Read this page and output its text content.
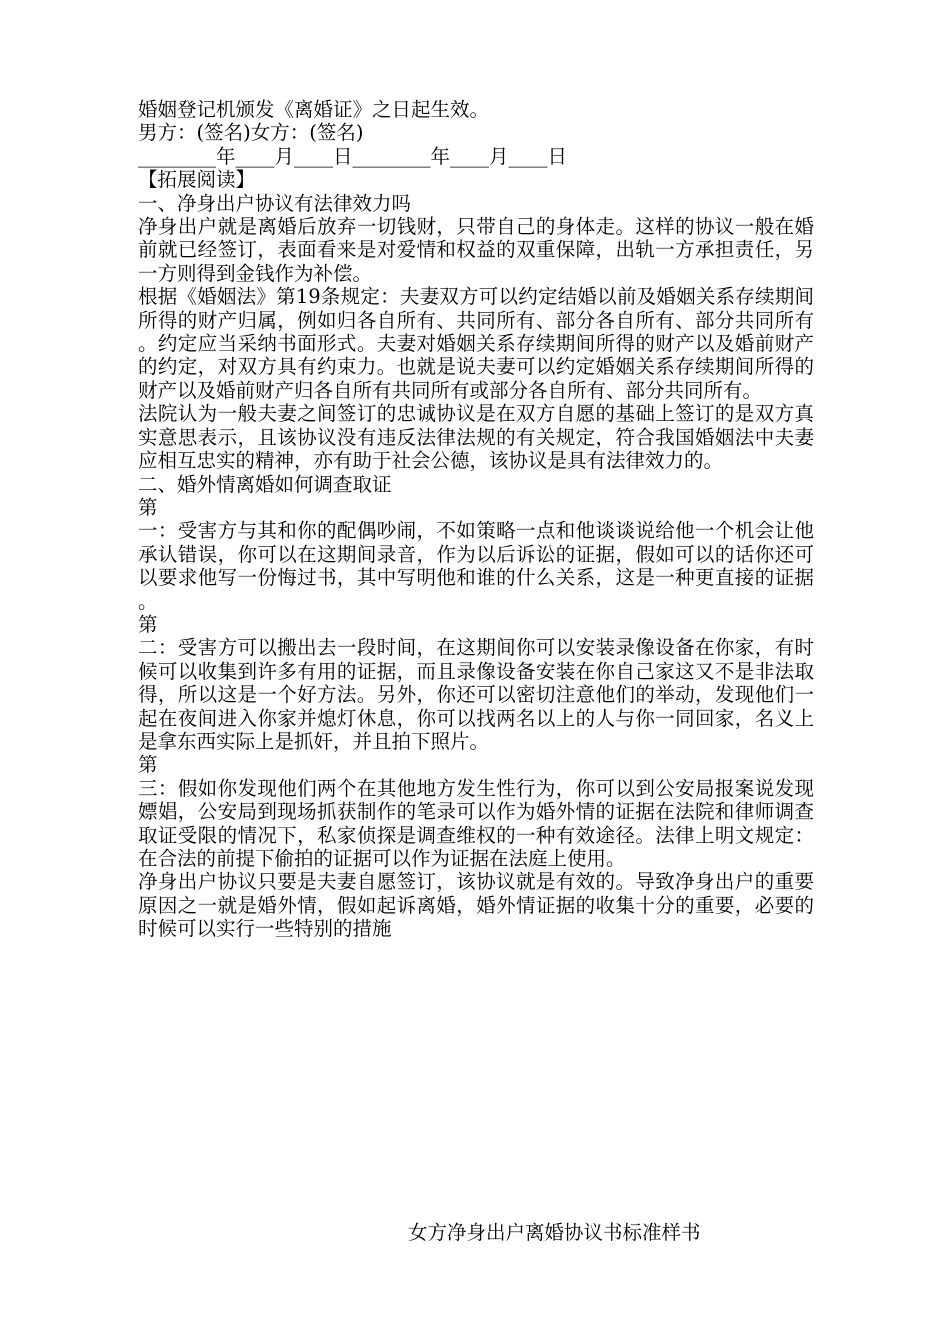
婚姻登记机颁发《离婚证》之日起生效。

男方：(签名)女方：(签名)

________年____月____日________年____月____日

【拓展阅读】

一、净身出户协议有法律效力吗

净身出户就是离婚后放弃一切钱财，只带自己的身体走。这样的协议一般在婚前就已经签订，表面看来是对爱情和权益的双重保障，出轨一方承担责任，另一方则得到金钱作为补偿。

根据《婚姻法》第19条规定：夫妻双方可以约定结婚以前及婚姻关系存续期间所得的财产归属，例如归各自所有、共同所有、部分各自所有、部分共同所有。约定应当采纳书面形式。夫妻对婚姻关系存续期间所得的财产以及婚前财产的约定，对双方具有约束力。也就是说夫妻可以约定婚姻关系存续期间所得的财产以及婚前财产归各自所有共同所有或部分各自所有、部分共同所有。

法院认为一般夫妻之间签订的忠诚协议是在双方自愿的基础上签订的是双方真实意思表示，且该协议没有违反法律法规的有关规定，符合我国婚姻法中夫妻应相互忠实的精神，亦有助于社会公德，该协议是具有法律效力的。

二、婚外情离婚如何调查取证

第

一：受害方与其和你的配偶吵闹，不如策略一点和他谈谈说给他一个机会让他承认错误，你可以在这期间录音，作为以后诉讼的证据，假如可以的话你还可以要求他写一份悔过书，其中写明他和谁的什么关系，这是一种更直接的证据。

第

二：受害方可以搬出去一段时间，在这期间你可以安装录像设备在你家，有时候可以收集到许多有用的证据，而且录像设备安装在你自己家这又不是非法取得，所以这是一个好方法。另外，你还可以密切注意他们的举动，发现他们一起在夜间进入你家并熄灯休息，你可以找两名以上的人与你一同回家，名义上是拿东西实际上是抓奸，并且拍下照片。

第

三：假如你发现他们两个在其他地方发生性行为，你可以到公安局报案说发现嫖娼，公安局到现场抓获制作的笔录可以作为婚外情的证据在法院和律师调查取证受限的情况下，私家侦探是调查维权的一种有效途径。法律上明文规定：在合法的前提下偷拍的证据可以作为证据在法庭上使用。

净身出户协议只要是夫妻自愿签订，该协议就是有效的。导致净身出户的重要原因之一就是婚外情，假如起诉离婚，婚外情证据的收集十分的重要，必要的时候可以实行一些特别的措施

女方净身出户离婚协议书标准样书
